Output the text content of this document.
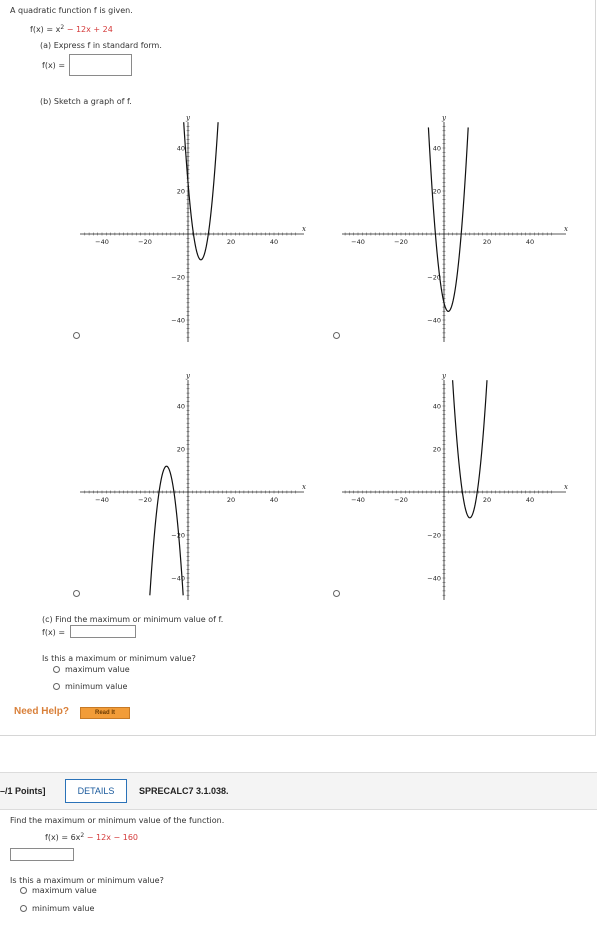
A quadratic function f is given.
$f(x) = x^2 - 12x + 24$
(a) Express f in standard form.
f(x) =
(b) Sketch a graph of f.
x
y
−40	−20	20	40
40
20
−20
−40
x
y
−40	−20	20	40
40
20
−20
−40
x
y
−40	−20	20	40
40
20
−20
−40
x
y
−40	−20	20	40
40
20
−20
−40
(c) Find the maximum or minimum value of f.
f(x) =
Is this a maximum or minimum value?
maximum value
minimum value
Need Help?	Read It
–/1 Points]	DETAILS	SPRECALC7 3.1.038.
Find the maximum or minimum value of the function.
$f(x) = 6x^2 - 12x - 160$
Is this a maximum or minimum value?
maximum value
minimum value
